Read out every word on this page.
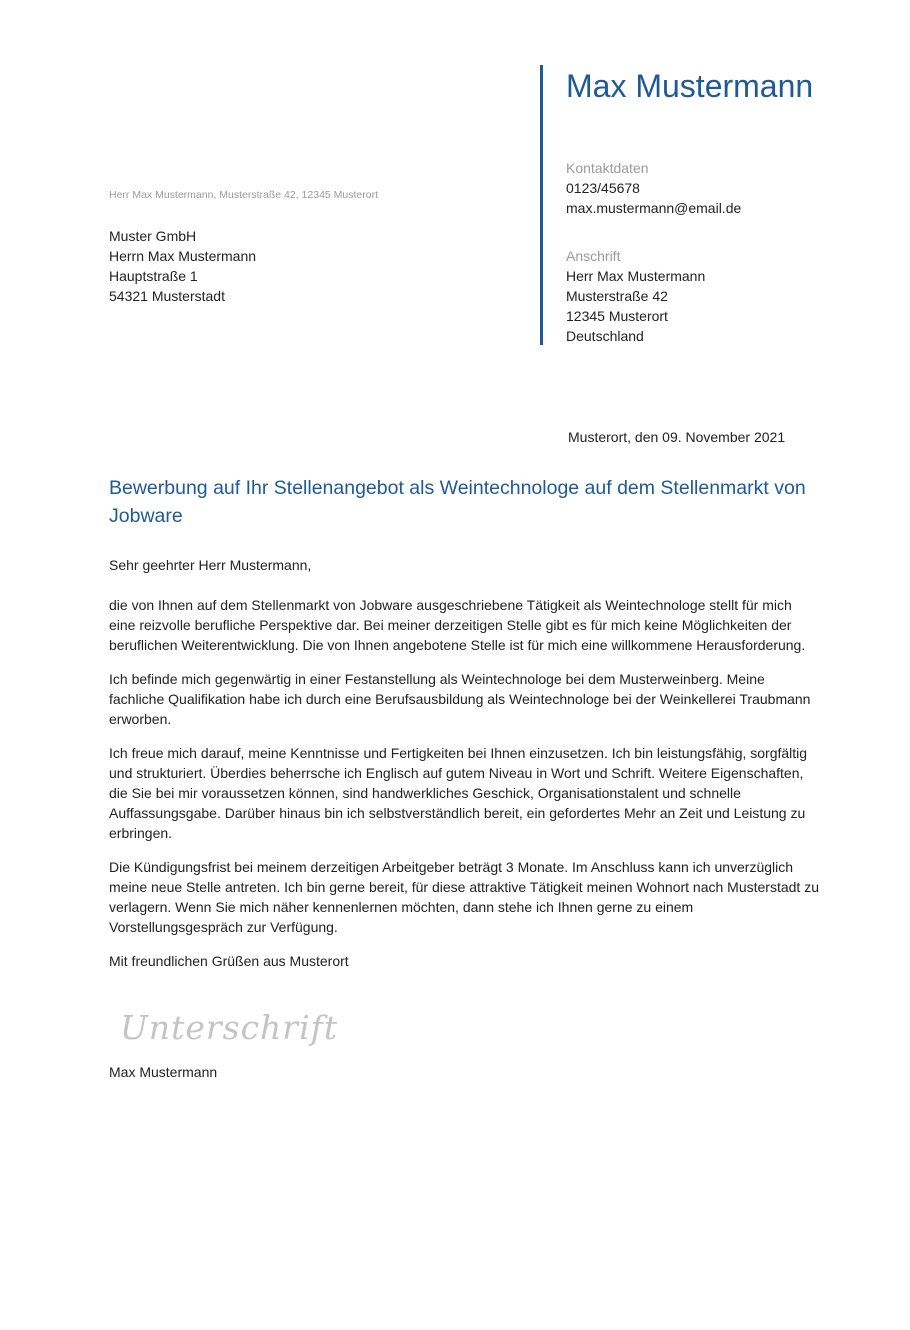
Max Mustermann
Kontaktdaten
0123/45678
max.mustermann@email.de
Anschrift
Herr Max Mustermann
Musterstraße 42
12345 Musterort
Deutschland
Herr Max Mustermann, Musterstraße 42, 12345 Musterort
Muster GmbH
Herrn Max Mustermann
Hauptstraße 1
54321 Musterstadt
Musterort, den 09. November 2021
Bewerbung auf Ihr Stellenangebot als Weintechnologe auf dem Stellenmarkt von Jobware

Sehr geehrter Herr Mustermann,

die von Ihnen auf dem Stellenmarkt von Jobware ausgeschriebene Tätigkeit als Weintechnologe stellt für mich eine reizvolle berufliche Perspektive dar. Bei meiner derzeitigen Stelle gibt es für mich keine Möglichkeiten der beruflichen Weiterentwicklung. Die von Ihnen angebotene Stelle ist für mich eine willkommene Herausforderung.

Ich befinde mich gegenwärtig in einer Festanstellung als Weintechnologe bei dem Musterweinberg. Meine fachliche Qualifikation habe ich durch eine Berufsausbildung als Weintechnologe bei der Weinkellerei Traubmann erworben.

Ich freue mich darauf, meine Kenntnisse und Fertigkeiten bei Ihnen einzusetzen. Ich bin leistungsfähig, sorgfältig und strukturiert. Überdies beherrsche ich Englisch auf gutem Niveau in Wort und Schrift. Weitere Eigenschaften, die Sie bei mir voraussetzen können, sind handwerkliches Geschick, Organisationstalent und schnelle Auffassungsgabe. Darüber hinaus bin ich selbstverständlich bereit, ein gefordertes Mehr an Zeit und Leistung zu erbringen.

Die Kündigungsfrist bei meinem derzeitigen Arbeitgeber beträgt 3 Monate. Im Anschluss kann ich unverzüglich meine neue Stelle antreten. Ich bin gerne bereit, für diese attraktive Tätigkeit meinen Wohnort nach Musterstadt zu verlagern. Wenn Sie mich näher kennenlernen möchten, dann stehe ich Ihnen gerne zu einem Vorstellungsgespräch zur Verfügung.

Mit freundlichen Grüßen aus Musterort

Unterschrift
Max Mustermann
